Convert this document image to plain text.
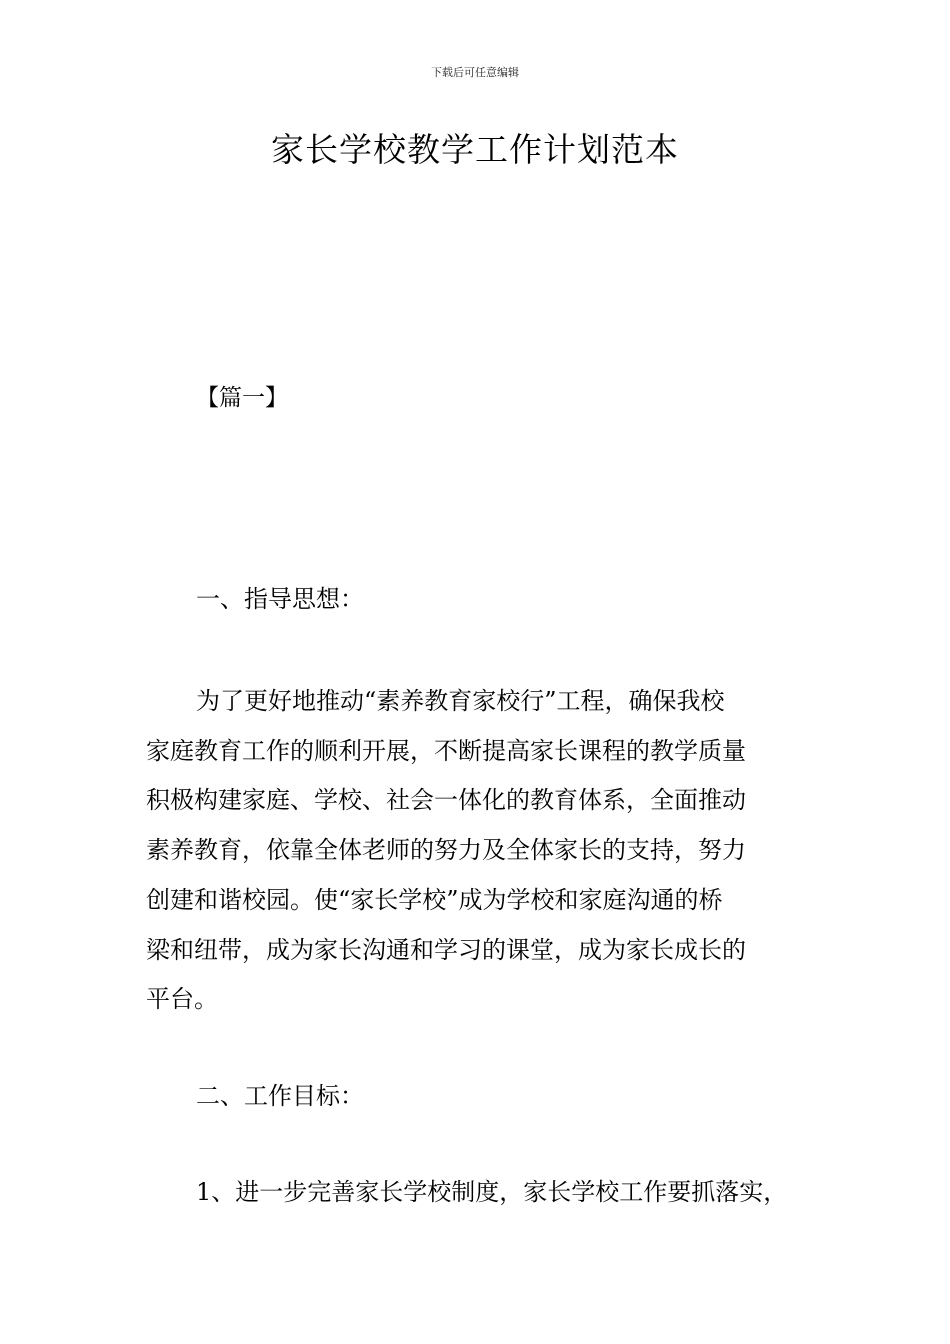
下载后可任意编辑
家长学校教学工作计划范本
【篇一】
一、指导思想：
为了更好地推动“素养教育家校行”工程，确保我校
家庭教育工作的顺利开展，不断提高家长课程的教学质量
积极构建家庭、学校、社会一体化的教育体系，全面推动
素养教育，依靠全体老师的努力及全体家长的支持，努力
创建和谐校园。使“家长学校”成为学校和家庭沟通的桥
梁和纽带，成为家长沟通和学习的课堂，成为家长成长的
平台。
二、工作目标：
1、进一步完善家长学校制度，家长学校工作要抓落实，
